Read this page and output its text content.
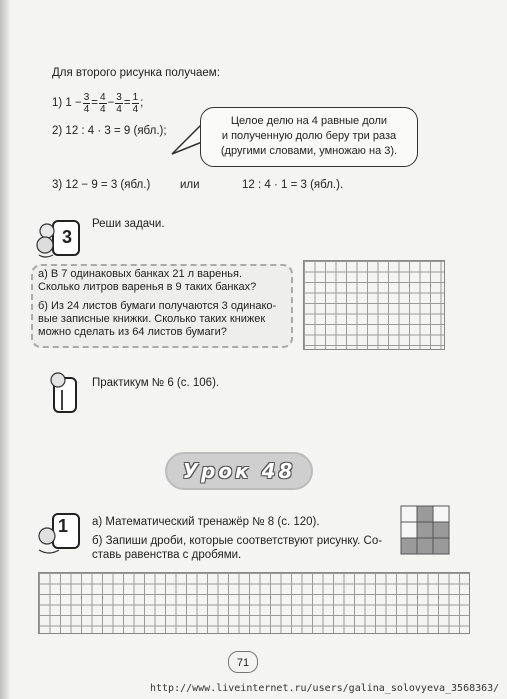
Для второго рисунка получаем:
1) $1 - \frac{3}{4} = \frac{4}{4} - \frac{3}{4} = \frac{1}{4}$ ;
2) 12 : 4 · 3 = 9 (ябл.);
Целое делю на 4 равные доли
и полученную долю беру три раза
(другими словами, умножаю на 3).
3) 12 − 9 = 3 (ябл.)	или	12 : 4 · 1 = 3 (ябл.).
3
Реши задачи.
а) В 7 одинаковых банках 21 л варенья.
Сколько литров варенья в 9 таких банках?
б) Из 24 листов бумаги получаются 3 одинако-
вые записные книжки. Сколько таких книжек
можно сделать из 64 листов бумаги?
Практикум № 6 (с. 106).
Урок 48
1 а) Математический тренажёр № 8 (с. 120).
б) Запиши дроби, которые соответствуют рисунку. Со-
ставь равенства с дробями.
71
http://www.liveinternet.ru/users/galina_solovyeva_3568363/
